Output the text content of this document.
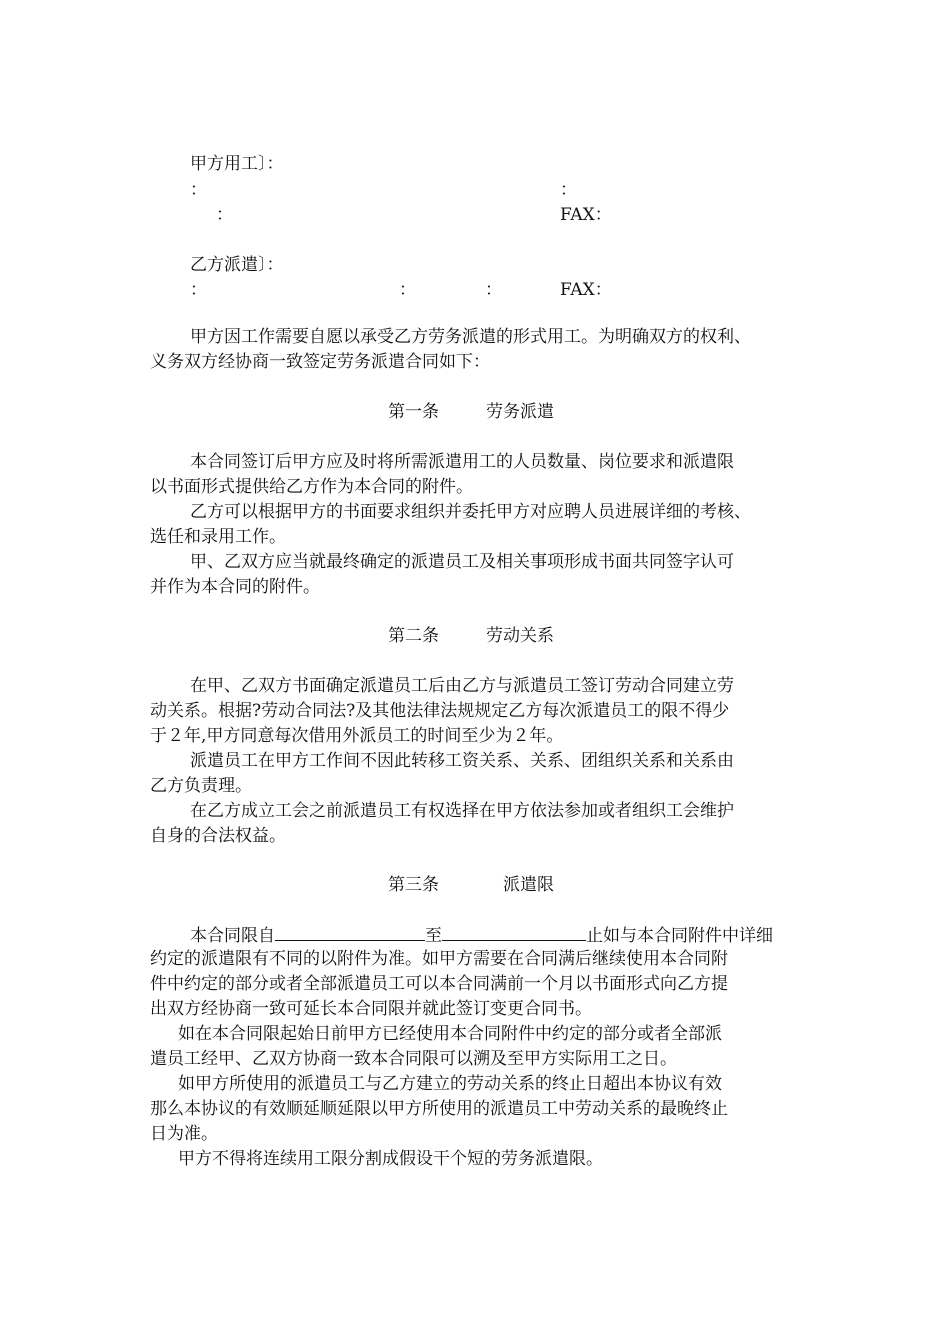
甲方用工〕：
：	：
：	FAX：
乙方派遣〕：
：	：	：	FAX：
甲方因工作需要自愿以承受乙方劳务派遣的形式用工。为明确双方的权利、
义务双方经协商一致签定劳务派遣合同如下：
第一条	劳务派遣
本合同签订后甲方应及时将所需派遣用工的人员数量、岗位要求和派遣限
以书面形式提供给乙方作为本合同的附件。
乙方可以根据甲方的书面要求组织并委托甲方对应聘人员进展详细的考核、
选任和录用工作。
甲、乙双方应当就最终确定的派遣员工及相关事项形成书面共同签字认可
并作为本合同的附件。
第二条	劳动关系
在甲、乙双方书面确定派遣员工后由乙方与派遣员工签订劳动合同建立劳
动关系。根据?劳动合同法?及其他法律法规规定乙方每次派遣员工的限不得少
于２年,甲方同意每次借用外派员工的时间至少为２年。
派遣员工在甲方工作间不因此转移工资关系、关系、团组织关系和关系由
乙方负责理。
在乙方成立工会之前派遣员工有权选择在甲方依法参加或者组织工会维护
自身的合法权益。
第三条	派遣限
本合同限自	至	止如与本合同附件中详细
约定的派遣限有不同的以附件为准。如甲方需要在合同满后继续使用本合同附
件中约定的部分或者全部派遣员工可以本合同满前一个月以书面形式向乙方提
出双方经协商一致可延长本合同限并就此签订变更合同书。
如在本合同限起始日前甲方已经使用本合同附件中约定的部分或者全部派
遣员工经甲、乙双方协商一致本合同限可以溯及至甲方实际用工之日。
如甲方所使用的派遣员工与乙方建立的劳动关系的终止日超出本协议有效
那么本协议的有效顺延顺延限以甲方所使用的派遣员工中劳动关系的最晚终止
日为准。
甲方不得将连续用工限分割成假设干个短的劳务派遣限。
